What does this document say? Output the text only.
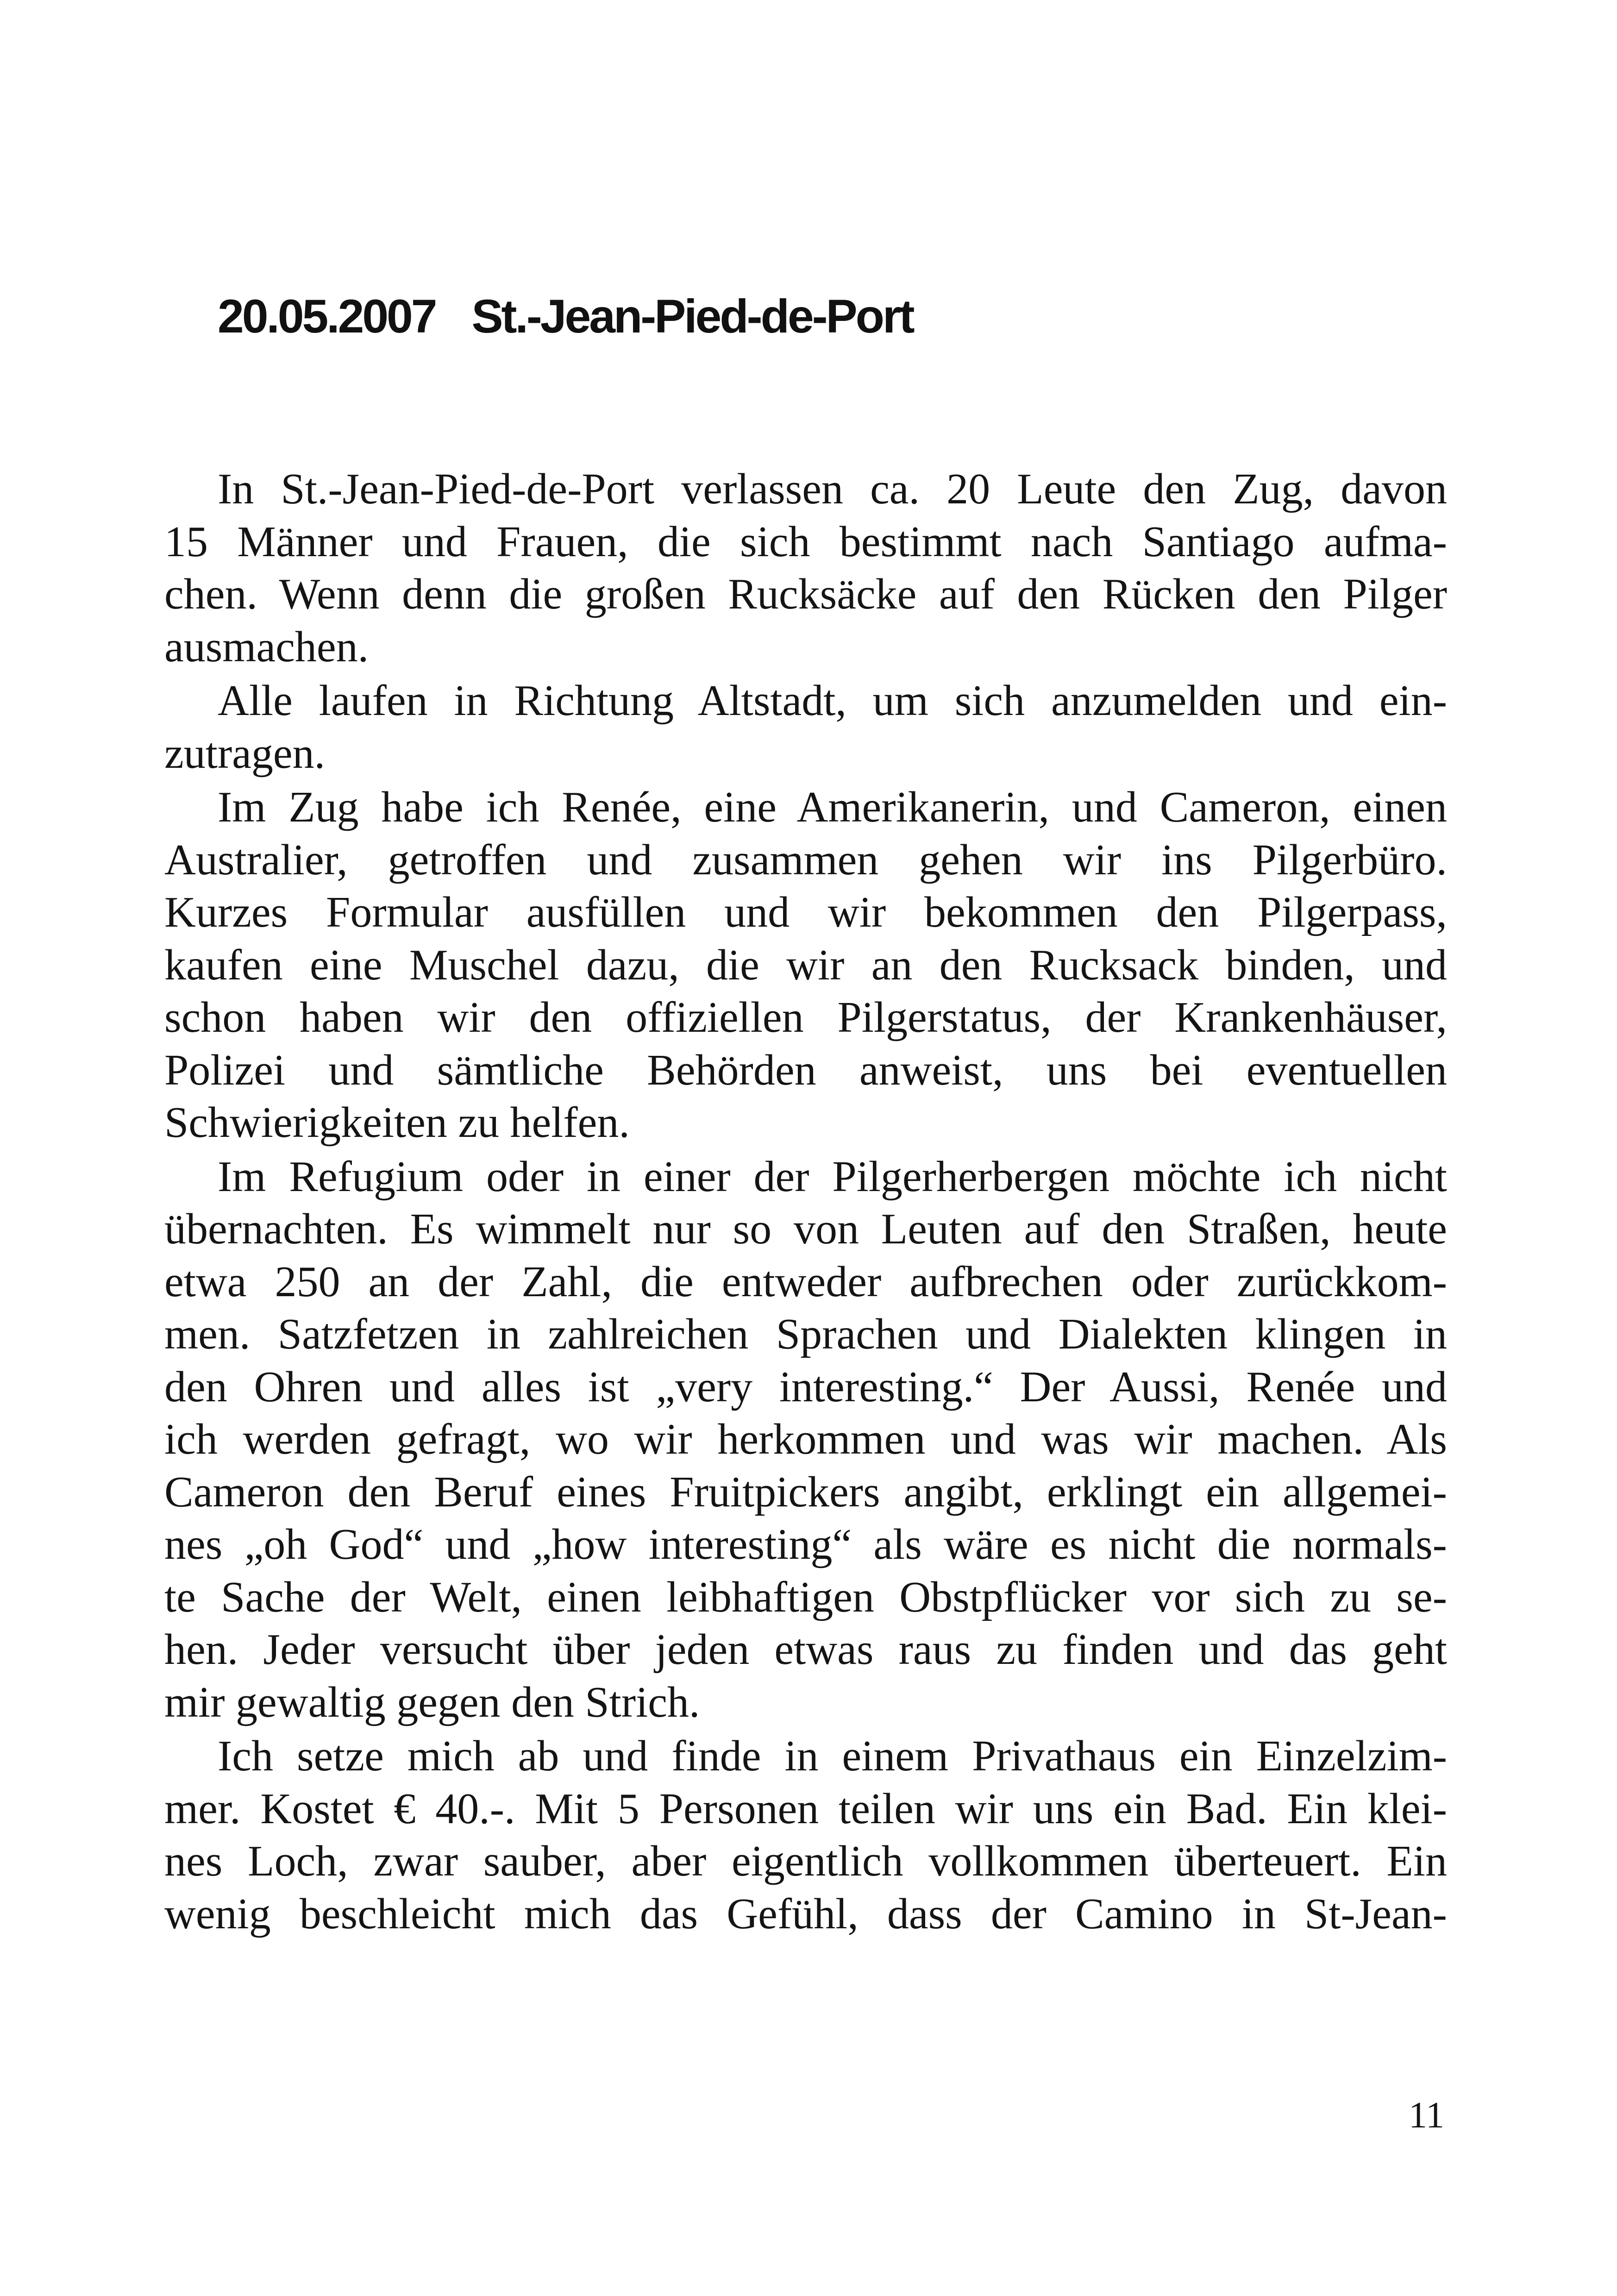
20.05.2007 St.-Jean-Pied-de-Port
In St.-Jean-Pied-de-Port verlassen ca. 20 Leute den Zug, davon
15 Männer und Frauen, die sich bestimmt nach Santiago aufma-
chen. Wenn denn die großen Rucksäcke auf den Rücken den Pilger
ausmachen.
Alle laufen in Richtung Altstadt, um sich anzumelden und ein-
zutragen.
Im Zug habe ich Renée, eine Amerikanerin, und Cameron, einen
Australier, getroffen und zusammen gehen wir ins Pilgerbüro.
Kurzes Formular ausfüllen und wir bekommen den Pilgerpass,
kaufen eine Muschel dazu, die wir an den Rucksack binden, und
schon haben wir den offiziellen Pilgerstatus, der Krankenhäuser,
Polizei und sämtliche Behörden anweist, uns bei eventuellen
Schwierigkeiten zu helfen.
Im Refugium oder in einer der Pilgerherbergen möchte ich nicht
übernachten. Es wimmelt nur so von Leuten auf den Straßen, heute
etwa 250 an der Zahl, die entweder aufbrechen oder zurückkom-
men. Satzfetzen in zahlreichen Sprachen und Dialekten klingen in
den Ohren und alles ist „very interesting.“ Der Aussi, Renée und
ich werden gefragt, wo wir herkommen und was wir machen. Als
Cameron den Beruf eines Fruitpickers angibt, erklingt ein allgemei-
nes „oh God“ und „how interesting“ als wäre es nicht die normals-
te Sache der Welt, einen leibhaftigen Obstpflücker vor sich zu se-
hen. Jeder versucht über jeden etwas raus zu finden und das geht
mir gewaltig gegen den Strich.
Ich setze mich ab und finde in einem Privathaus ein Einzelzim-
mer. Kostet € 40.-. Mit 5 Personen teilen wir uns ein Bad. Ein klei-
nes Loch, zwar sauber, aber eigentlich vollkommen überteuert. Ein
wenig beschleicht mich das Gefühl, dass der Camino in St-Jean-
11
